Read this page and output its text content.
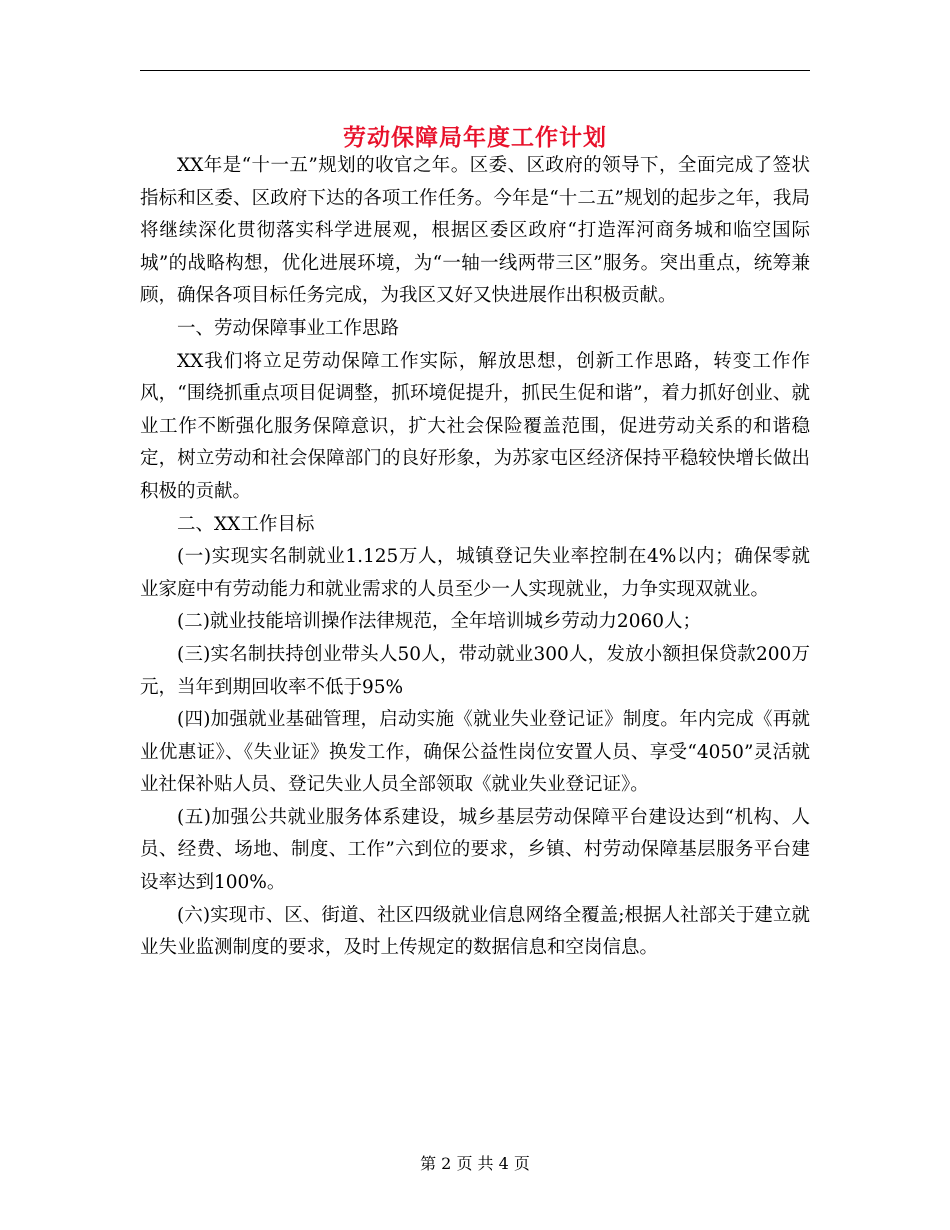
劳动保障局年度工作计划

XX年是“十一五”规划的收官之年。区委、区政府的领导下，全面完成了签状指标和区委、区政府下达的各项工作任务。今年是“十二五”规划的起步之年，我局将继续深化贯彻落实科学进展观，根据区委区政府“打造浑河商务城和临空国际城”的战略构想，优化进展环境，为“一轴一线两带三区”服务。突出重点，统筹兼顾，确保各项目标任务完成，为我区又好又快进展作出积极贡献。

一、劳动保障事业工作思路

XX我们将立足劳动保障工作实际，解放思想，创新工作思路，转变工作作风，“围绕抓重点项目促调整，抓环境促提升，抓民生促和谐”，着力抓好创业、就业工作不断强化服务保障意识，扩大社会保险覆盖范围，促进劳动关系的和谐稳定，树立劳动和社会保障部门的良好形象，为苏家屯区经济保持平稳较快增长做出积极的贡献。

二、XX工作目标

(一)实现实名制就业1.125万人，城镇登记失业率控制在4%以内；确保零就业家庭中有劳动能力和就业需求的人员至少一人实现就业，力争实现双就业。

(二)就业技能培训操作法律规范，全年培训城乡劳动力2060人；

(三)实名制扶持创业带头人50人，带动就业300人，发放小额担保贷款200万元，当年到期回收率不低于95%

(四)加强就业基础管理，启动实施《就业失业登记证》制度。年内完成《再就业优惠证》、《失业证》换发工作，确保公益性岗位安置人员、享受“4050”灵活就业社保补贴人员、登记失业人员全部领取《就业失业登记证》。

(五)加强公共就业服务体系建设，城乡基层劳动保障平台建设达到“机构、人员、经费、场地、制度、工作”六到位的要求，乡镇、村劳动保障基层服务平台建设率达到100%。

(六)实现市、区、街道、社区四级就业信息网络全覆盖;根据人社部关于建立就业失业监测制度的要求，及时上传规定的数据信息和空岗信息。

第 2 页 共 4 页
